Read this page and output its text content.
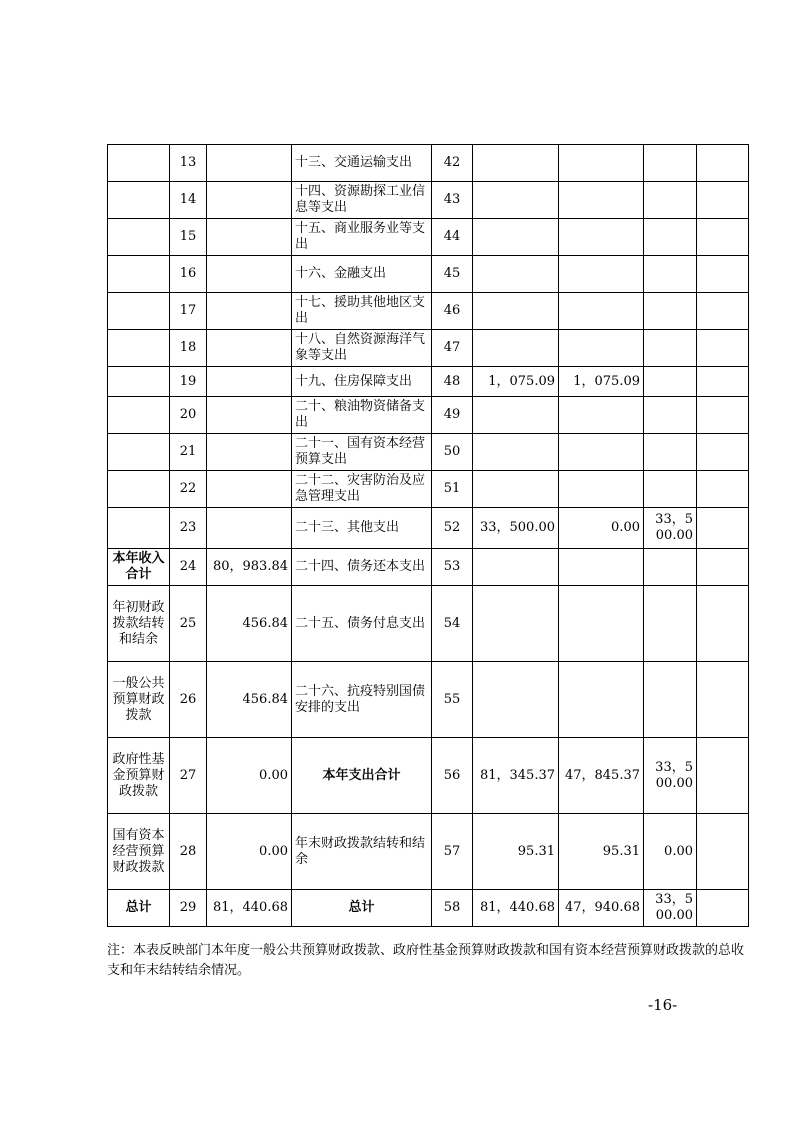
	13		十三、交通运输支出	42				
	14		十四、资源勘探工业信息等支出	43				
	15		十五、商业服务业等支出	44				
	16		十六、金融支出	45				
	17		十七、援助其他地区支出	46				
	18		十八、自然资源海洋气象等支出	47				
	19		十九、住房保障支出	48	1，075.09	1，075.09		
	20		二十、粮油物资储备支出	49				
	21		二十一、国有资本经营预算支出	50				
	22		二十二、灾害防治及应急管理支出	51				
	23		二十三、其他支出	52	33，500.00	0.00	33，500.00	
本年收入合计	24	80，983.84	二十四、债务还本支出	53				
年初财政拨款结转和结余	25	456.84	二十五、债务付息支出	54				
一般公共预算财政拨款	26	456.84	二十六、抗疫特别国债安排的支出	55				
政府性基金预算财政拨款	27	0.00	本年支出合计	56	81，345.37	47，845.37	33，500.00	
国有资本经营预算财政拨款	28	0.00	年末财政拨款结转和结余	57	95.31	95.31	0.00	
总计	29	81，440.68	总计	58	81，440.68	47，940.68	33，500.00	
注：本表反映部门本年度一般公共预算财政拨款、政府性基金预算财政拨款和国有资本经营预算财政拨款的总收支和年末结转结余情况。
-16-
